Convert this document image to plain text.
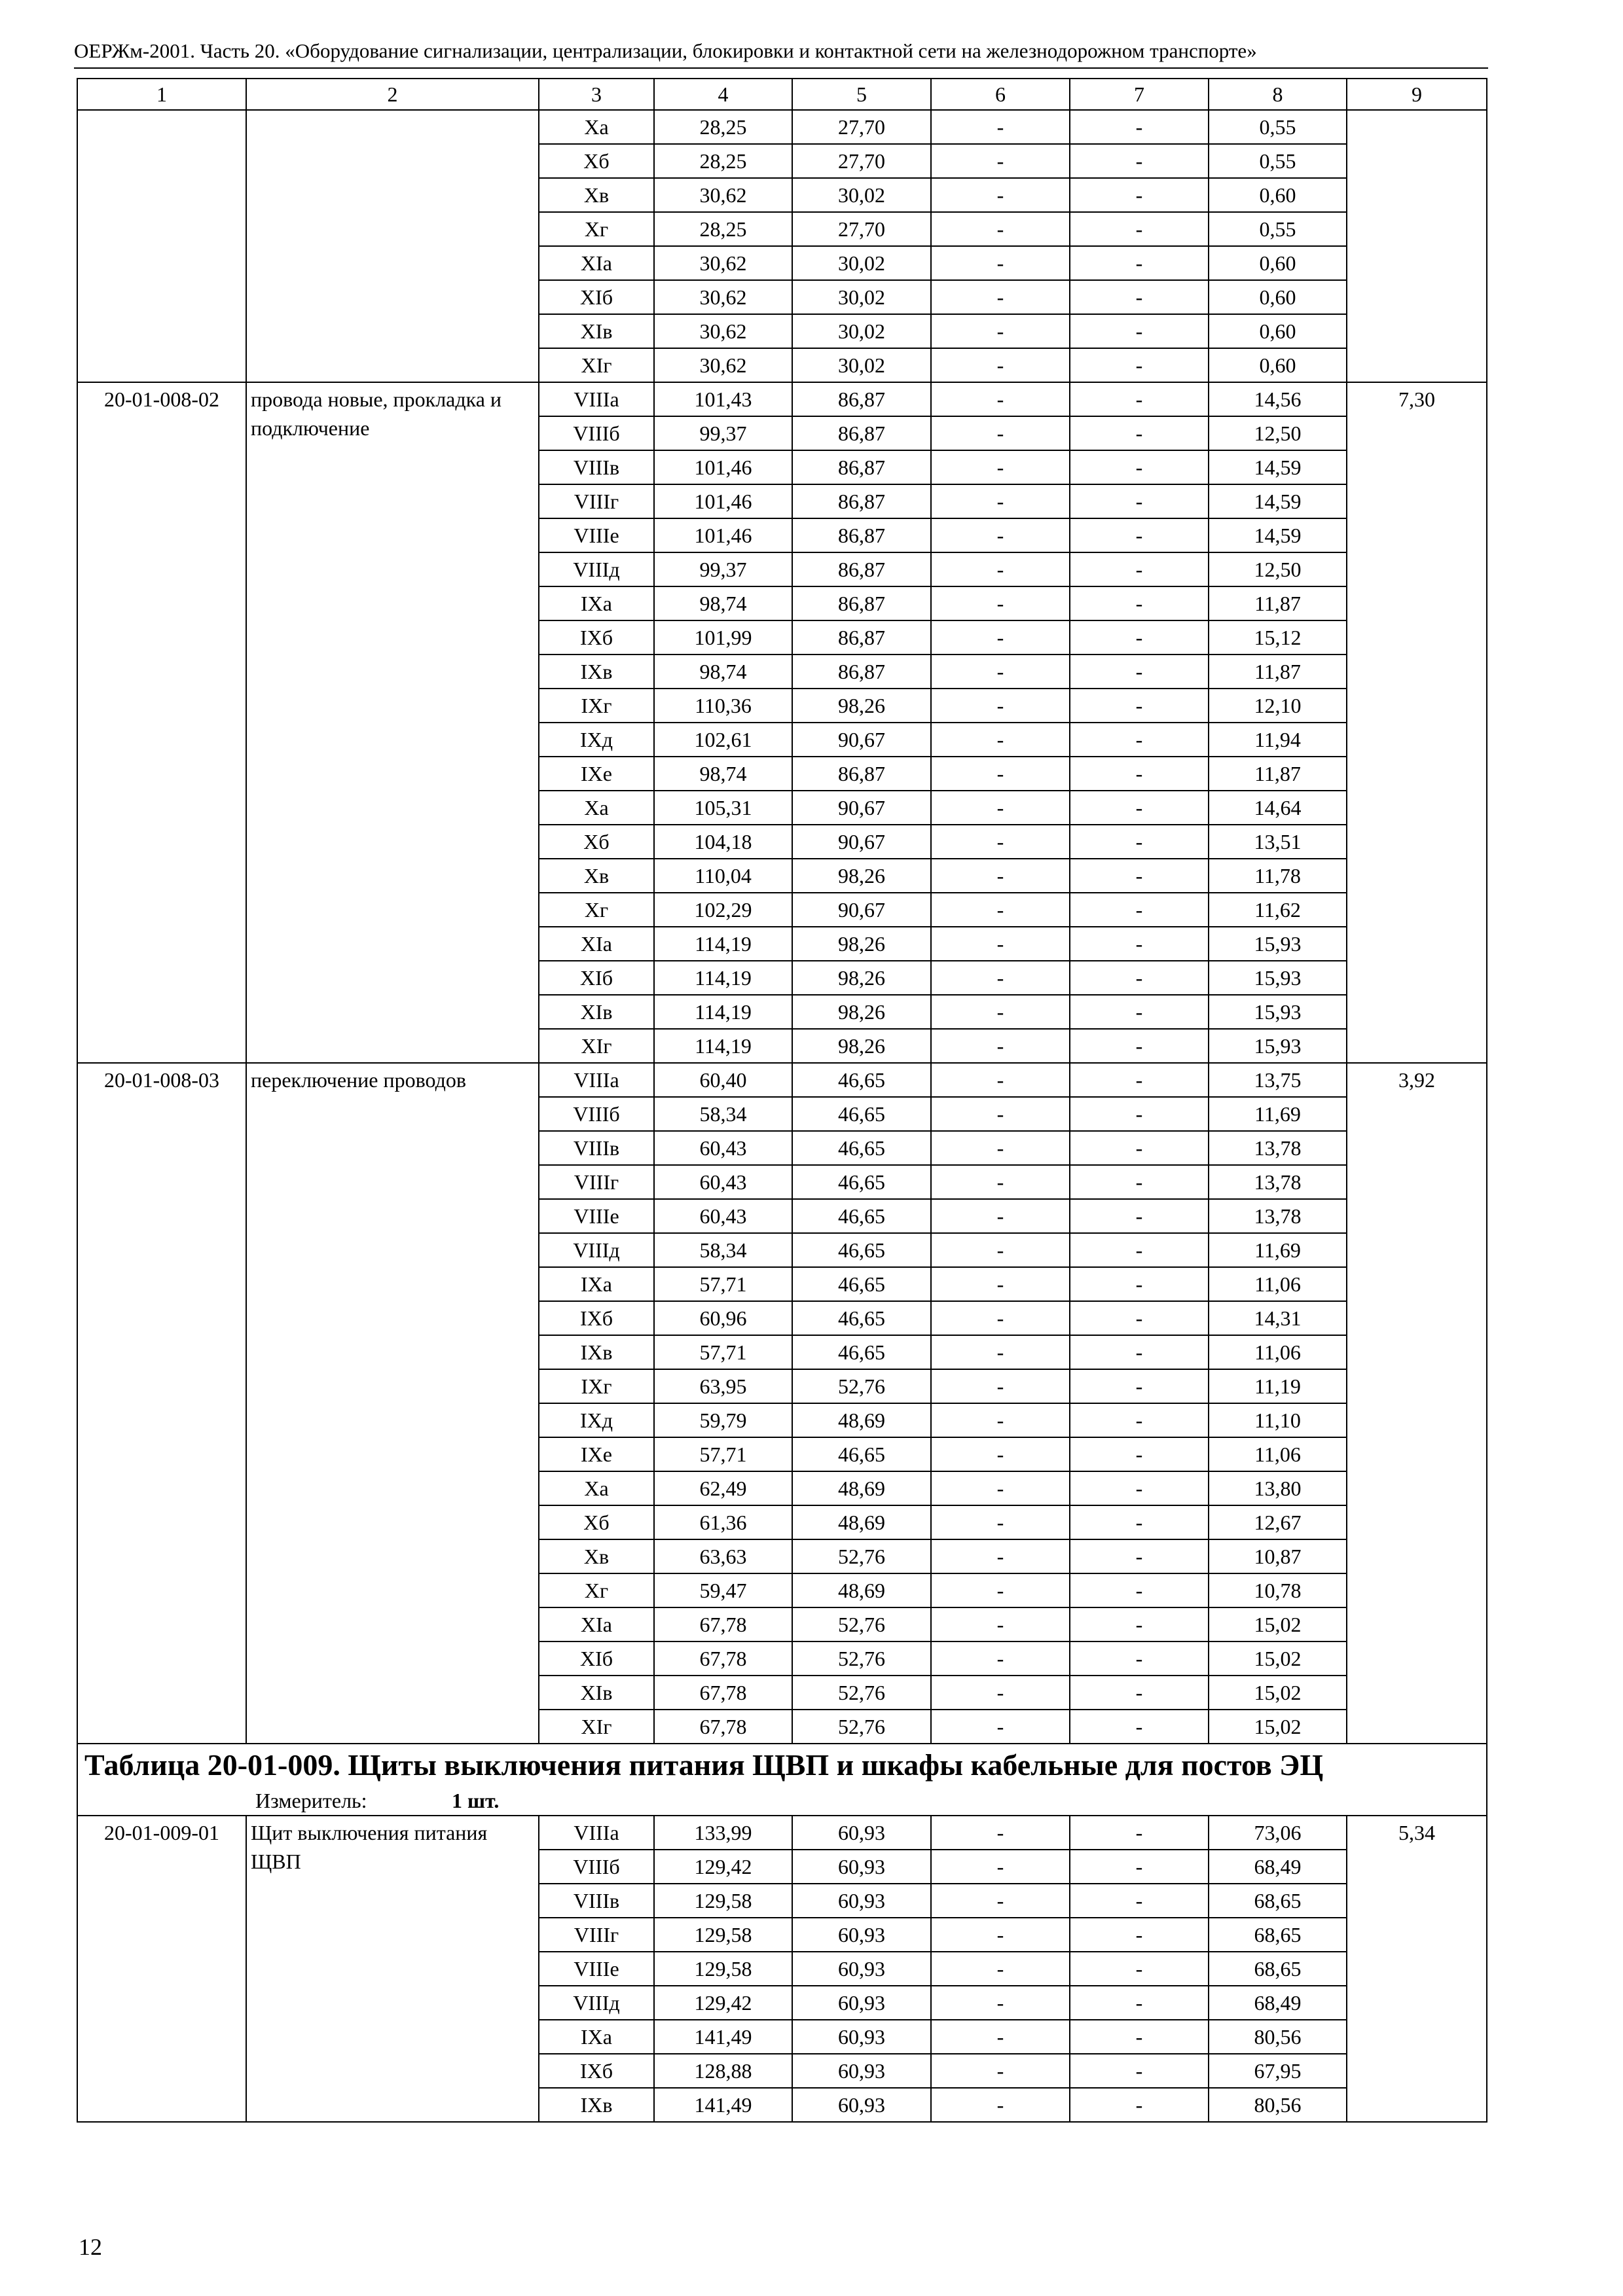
ОЕРЖм-2001. Часть 20. «Оборудование сигнализации, централизации, блокировки и контактной сети на железнодорожном транспорте»
1	2	3	4	5	6	7	8	9
		Ха	28,25	27,70	-	-	0,55	
		Хб	28,25	27,70	-	-	0,55	
		Хв	30,62	30,02	-	-	0,60	
		Хг	28,25	27,70	-	-	0,55	
		ХIа	30,62	30,02	-	-	0,60	
		ХIб	30,62	30,02	-	-	0,60	
		ХIв	30,62	30,02	-	-	0,60	
		ХIг	30,62	30,02	-	-	0,60	
20-01-008-02	провода новые, прокладка и подключение	VIIIа	101,43	86,87	-	-	14,56	7,30
		VIIIб	99,37	86,87	-	-	12,50	
		VIIIв	101,46	86,87	-	-	14,59	
		VIIIг	101,46	86,87	-	-	14,59	
		VIIIе	101,46	86,87	-	-	14,59	
		VIIIд	99,37	86,87	-	-	12,50	
		IХа	98,74	86,87	-	-	11,87	
		IХб	101,99	86,87	-	-	15,12	
		IХв	98,74	86,87	-	-	11,87	
		IХг	110,36	98,26	-	-	12,10	
		IХд	102,61	90,67	-	-	11,94	
		IХе	98,74	86,87	-	-	11,87	
		Ха	105,31	90,67	-	-	14,64	
		Хб	104,18	90,67	-	-	13,51	
		Хв	110,04	98,26	-	-	11,78	
		Хг	102,29	90,67	-	-	11,62	
		ХIа	114,19	98,26	-	-	15,93	
		ХIб	114,19	98,26	-	-	15,93	
		ХIв	114,19	98,26	-	-	15,93	
		ХIг	114,19	98,26	-	-	15,93	
20-01-008-03	переключение проводов	VIIIа	60,40	46,65	-	-	13,75	3,92
		VIIIб	58,34	46,65	-	-	11,69	
		VIIIв	60,43	46,65	-	-	13,78	
		VIIIг	60,43	46,65	-	-	13,78	
		VIIIе	60,43	46,65	-	-	13,78	
		VIIIд	58,34	46,65	-	-	11,69	
		IХа	57,71	46,65	-	-	11,06	
		IХб	60,96	46,65	-	-	14,31	
		IХв	57,71	46,65	-	-	11,06	
		IХг	63,95	52,76	-	-	11,19	
		IХд	59,79	48,69	-	-	11,10	
		IХе	57,71	46,65	-	-	11,06	
		Ха	62,49	48,69	-	-	13,80	
		Хб	61,36	48,69	-	-	12,67	
		Хв	63,63	52,76	-	-	10,87	
		Хг	59,47	48,69	-	-	10,78	
		ХIа	67,78	52,76	-	-	15,02	
		ХIб	67,78	52,76	-	-	15,02	
		ХIв	67,78	52,76	-	-	15,02	
		ХIг	67,78	52,76	-	-	15,02	
Таблица 20-01-009. Щиты выключения питания ЩВП и шкафы кабельные для постов ЭЦ								
Измеритель: 1 шт.								
20-01-009-01	Щит выключения питания ЩВП	VIIIа	133,99	60,93	-	-	73,06	5,34
		VIIIб	129,42	60,93	-	-	68,49	
		VIIIв	129,58	60,93	-	-	68,65	
		VIIIг	129,58	60,93	-	-	68,65	
		VIIIе	129,58	60,93	-	-	68,65	
		VIIIд	129,42	60,93	-	-	68,49	
		IХа	141,49	60,93	-	-	80,56	
		IХб	128,88	60,93	-	-	67,95	
		IХв	141,49	60,93	-	-	80,56	
12
